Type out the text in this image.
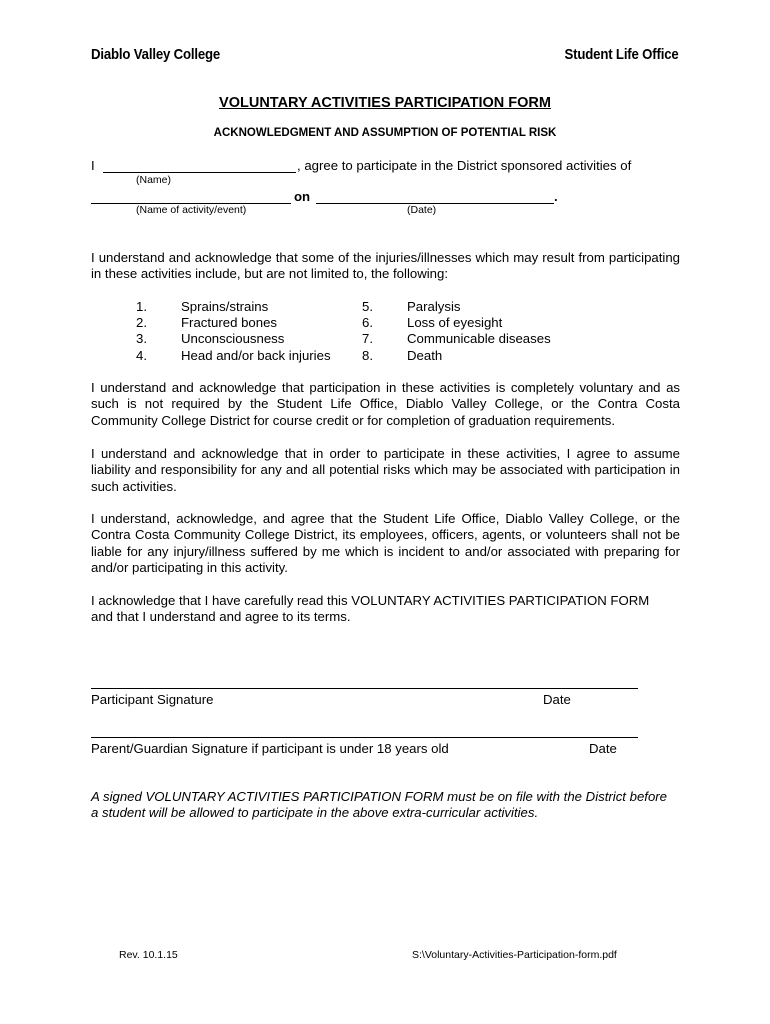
Diablo Valley College	Student Life Office
VOLUNTARY ACTIVITIES PARTICIPATION FORM
ACKNOWLEDGMENT AND ASSUMPTION OF POTENTIAL RISK
I	, agree to participate in the District sponsored activities of
(Name)
on	.
(Name of activity/event)	(Date)
I understand and acknowledge that some of the injuries/illnesses which may result from participating in these activities include, but are not limited to, the following:
1.	Sprains/strains
2.	Fractured bones
3.	Unconsciousness
4.	Head and/or back injuries
5.	Paralysis
6.	Loss of eyesight
7.	Communicable diseases
8.	Death
I understand and acknowledge that participation in these activities is completely voluntary and as such is not required by the Student Life Office, Diablo Valley College, or the Contra Costa Community College District for course credit or for completion of graduation requirements.
I understand and acknowledge that in order to participate in these activities, I agree to assume liability and responsibility for any and all potential risks which may be associated with participation in such activities.
I understand, acknowledge, and agree that the Student Life Office, Diablo Valley College, or the Contra Costa Community College District, its employees, officers, agents, or volunteers shall not be liable for any injury/illness suffered by me which is incident to and/or associated with preparing for and/or participating in this activity.
I acknowledge that I have carefully read this VOLUNTARY ACTIVITIES PARTICIPATION FORM and that I understand and agree to its terms.
Participant Signature	Date
Parent/Guardian Signature if participant is under 18 years old	Date
A signed VOLUNTARY ACTIVITIES PARTICIPATION FORM must be on file with the District before a student will be allowed to participate in the above extra-curricular activities.
Rev. 10.1.15	S:\Voluntary-Activities-Participation-form.pdf
